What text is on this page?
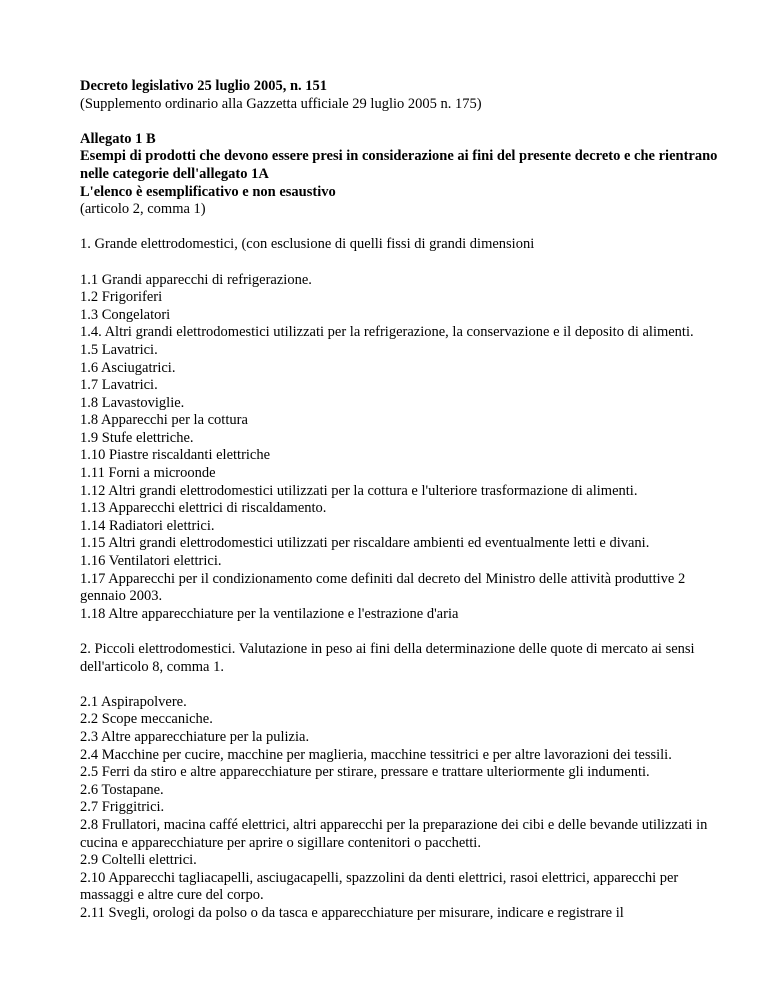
Decreto legislativo 25 luglio 2005, n. 151

(Supplemento ordinario alla Gazzetta ufficiale 29 luglio 2005 n. 175)

Allegato 1 B

Esempi di prodotti che devono essere presi in considerazione ai fini del presente decreto e che rientrano nelle categorie dell'allegato 1A

L'elenco è esemplificativo e non esaustivo

(articolo 2, comma 1)

1. Grande elettrodomestici, (con esclusione di quelli fissi di grandi dimensioni

1.1 Grandi apparecchi di refrigerazione.

1.2 Frigoriferi

1.3 Congelatori

1.4. Altri grandi elettrodomestici utilizzati per la refrigerazione, la conservazione e il deposito di alimenti.

1.5 Lavatrici.

1.6 Asciugatrici.

1.7 Lavatrici.

1.8 Lavastoviglie.

1.8 Apparecchi per la cottura

1.9 Stufe elettriche.

1.10 Piastre riscaldanti elettriche

1.11 Forni a microonde

1.12 Altri grandi elettrodomestici utilizzati per la cottura e l'ulteriore trasformazione di alimenti.

1.13 Apparecchi elettrici di riscaldamento.

1.14 Radiatori elettrici.

1.15 Altri grandi elettrodomestici utilizzati per riscaldare ambienti ed eventualmente letti e divani.

1.16 Ventilatori elettrici.

1.17 Apparecchi per il condizionamento come definiti dal decreto del Ministro delle attività produttive 2 gennaio 2003.

1.18 Altre apparecchiature per la ventilazione e l'estrazione d'aria

2. Piccoli elettrodomestici. Valutazione in peso ai fini della determinazione delle quote di mercato ai sensi dell'articolo 8, comma 1.

2.1 Aspirapolvere.

2.2 Scope meccaniche.

2.3 Altre apparecchiature per la pulizia.

2.4 Macchine per cucire, macchine per maglieria, macchine tessitrici e per altre lavorazioni dei tessili.

2.5 Ferri da stiro e altre apparecchiature per stirare, pressare e trattare ulteriormente gli indumenti.

2.6 Tostapane.

2.7 Friggitrici.

2.8 Frullatori, macina caffé elettrici, altri apparecchi per la preparazione dei cibi e delle bevande utilizzati in cucina e apparecchiature per aprire o sigillare contenitori o pacchetti.

2.9 Coltelli elettrici.

2.10 Apparecchi tagliacapelli, asciugacapelli, spazzolini da denti elettrici, rasoi elettrici, apparecchi per massaggi e altre cure del corpo.

2.11 Svegli, orologi da polso o da tasca e apparecchiature per misurare, indicare e registrare il
